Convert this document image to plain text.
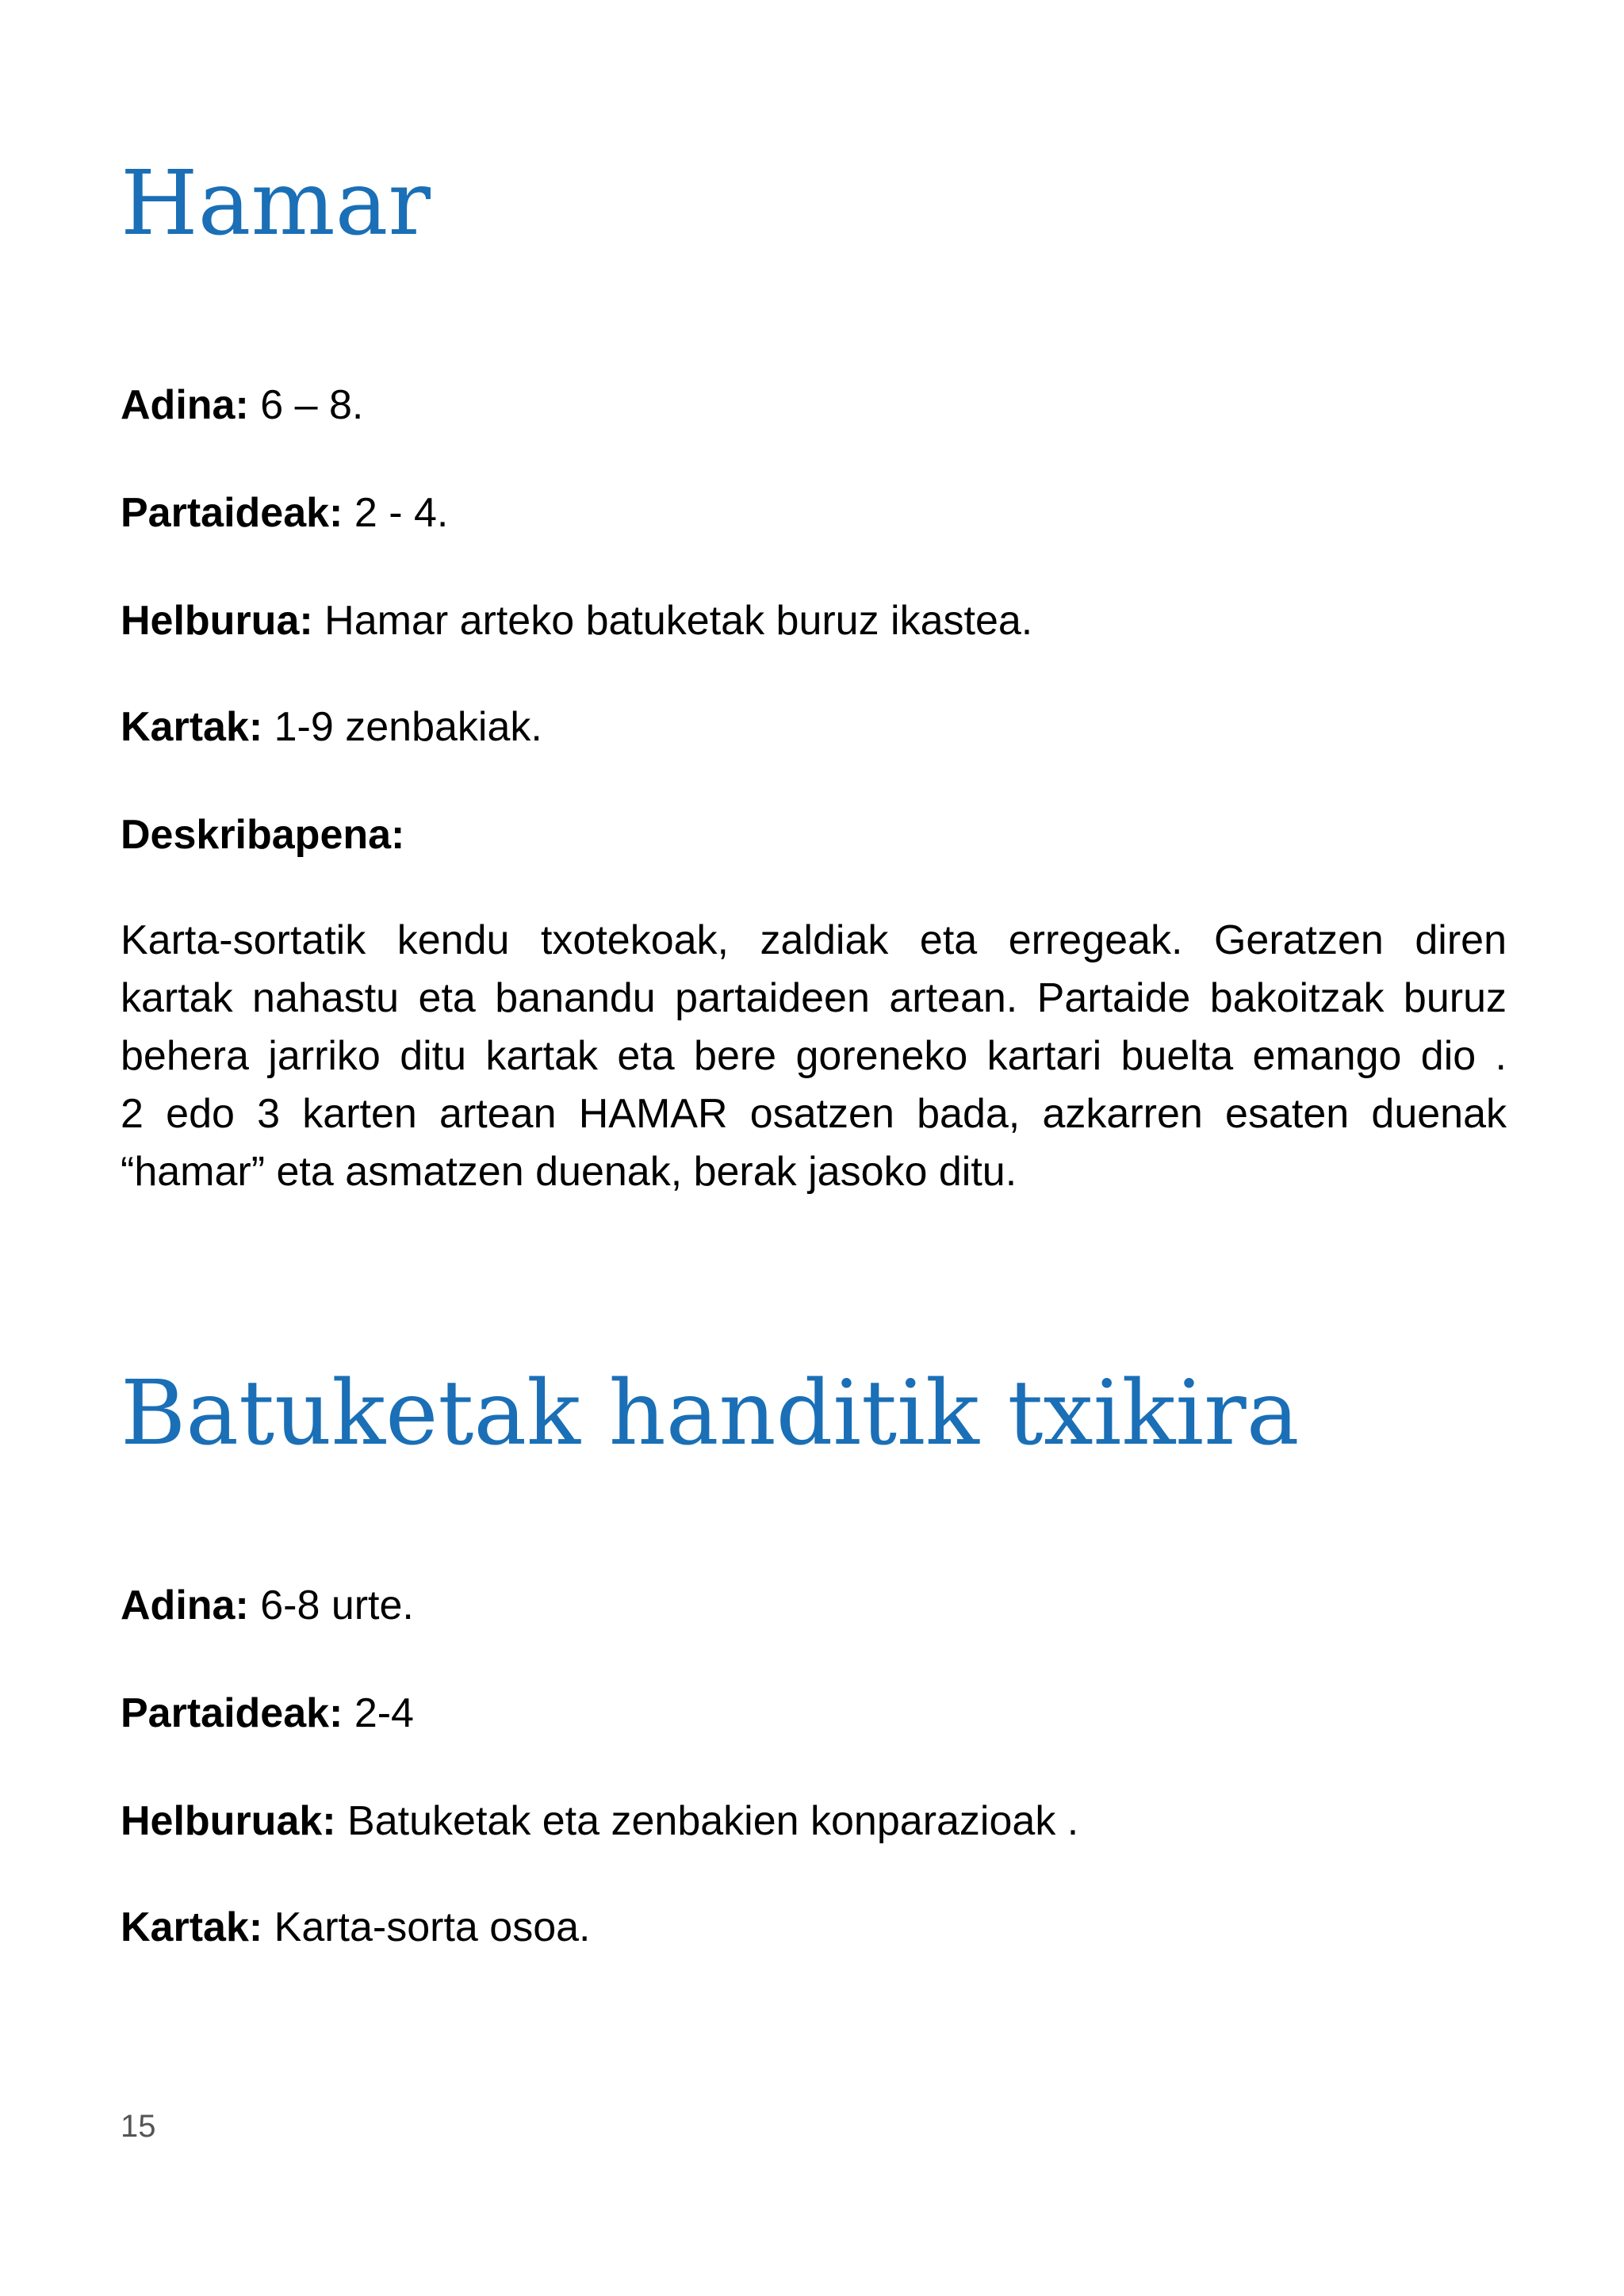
Hamar

Adina: 6 – 8.

Partaideak: 2 - 4.

Helburua: Hamar arteko batuketak buruz ikastea.

Kartak: 1-9 zenbakiak.

Deskribapena:

Karta-sortatik kendu txotekoak, zaldiak eta erregeak. Geratzen diren
kartak nahastu eta banandu partaideen artean. Partaide bakoitzak buruz
behera jarriko ditu kartak eta bere goreneko kartari buelta emango dio .
2 edo 3 karten artean HAMAR osatzen bada, azkarren esaten duenak
“hamar” eta asmatzen duenak, berak jasoko ditu.
Batuketak handitik txikira

Adina: 6-8 urte.

Partaideak: 2-4

Helburuak: Batuketak eta zenbakien konparazioak .

Kartak: Karta-sorta osoa.

15
